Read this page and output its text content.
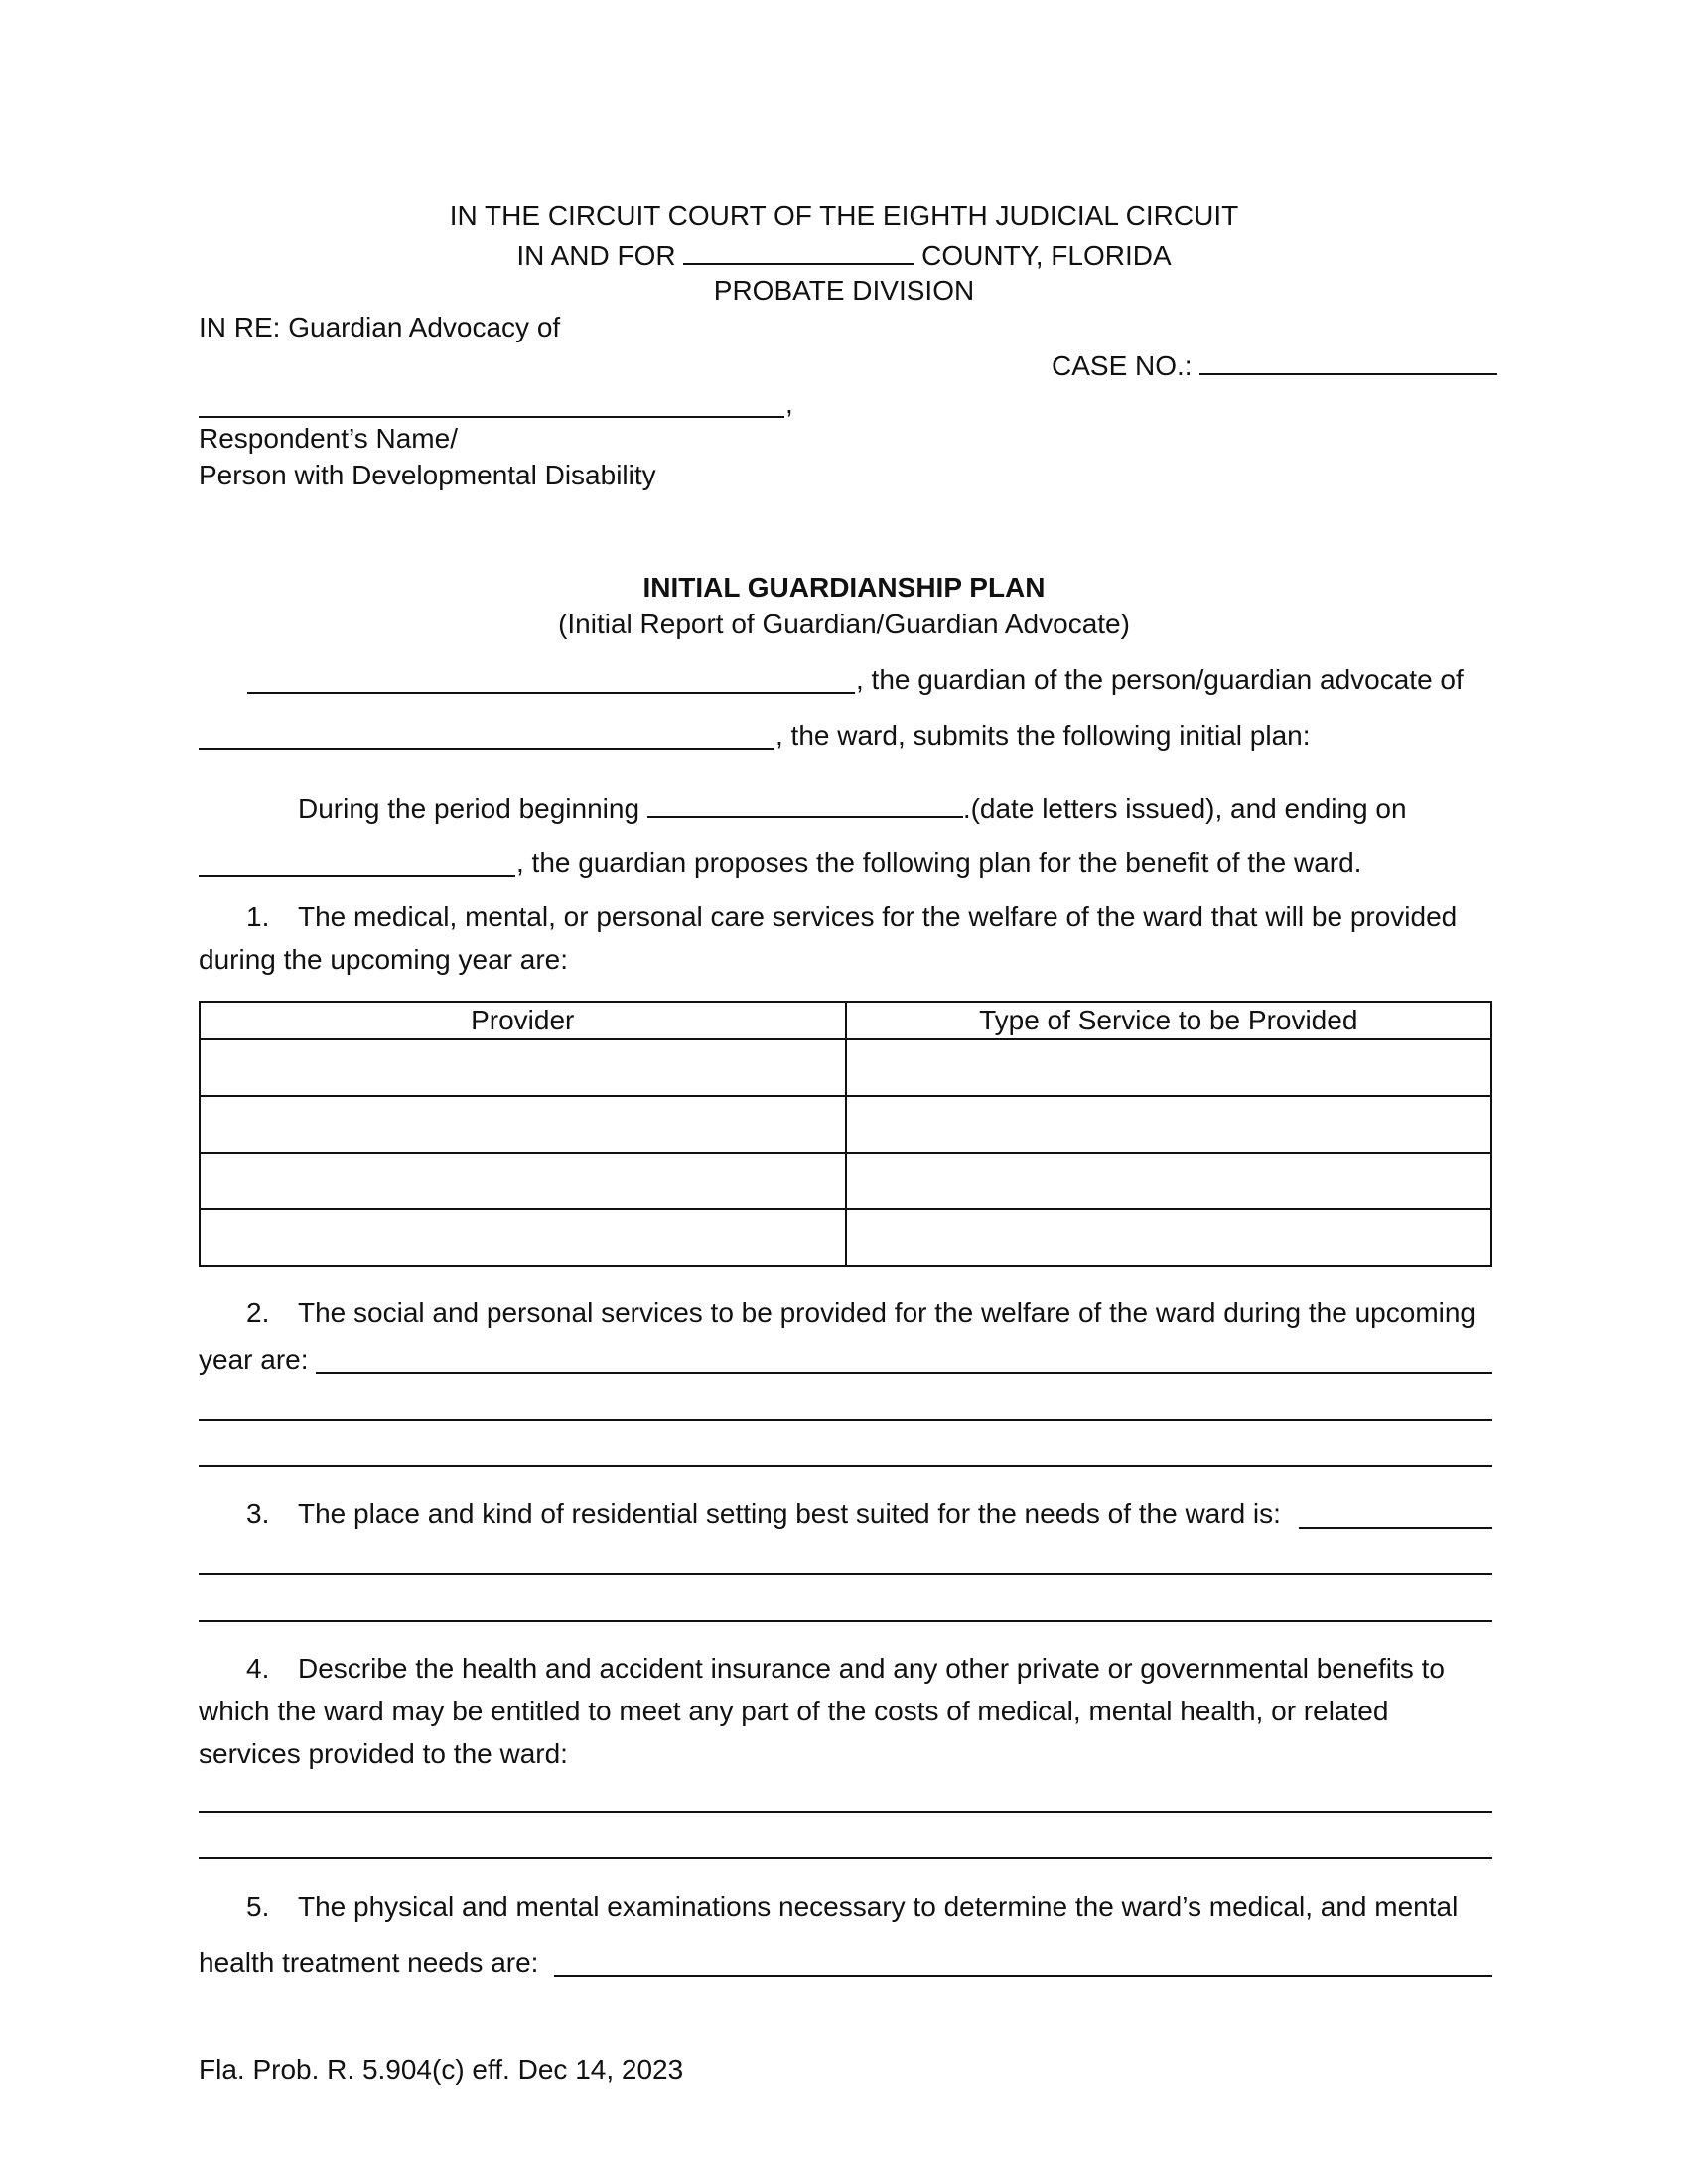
IN THE CIRCUIT COURT OF THE EIGHTH JUDICIAL CIRCUIT
IN AND FOR	COUNTY, FLORIDA
PROBATE DIVISION
IN RE: Guardian Advocacy of
CASE NO.:
,
Respondent’s Name/
Person with Developmental Disability
INITIAL GUARDIANSHIP PLAN
(Initial Report of Guardian/Guardian Advocate)
, the guardian of the person/guardian advocate of
, the ward, submits the following initial plan:
During the period beginning	.(date letters issued), and ending on
, the guardian proposes the following plan for the benefit of the ward.
1. The medical, mental, or personal care services for the welfare of the ward that will be provided
during the upcoming year are:
Provider	Type of Service to be Provided

2. The social and personal services to be provided for the welfare of the ward during the upcoming
year are:
3. The place and kind of residential setting best suited for the needs of the ward is:
4. Describe the health and accident insurance and any other private or governmental benefits to
which the ward may be entitled to meet any part of the costs of medical, mental health, or related
services provided to the ward:
5. The physical and mental examinations necessary to determine the ward’s medical, and mental
health treatment needs are:
Fla. Prob. R. 5.904(c) eff. Dec 14, 2023
